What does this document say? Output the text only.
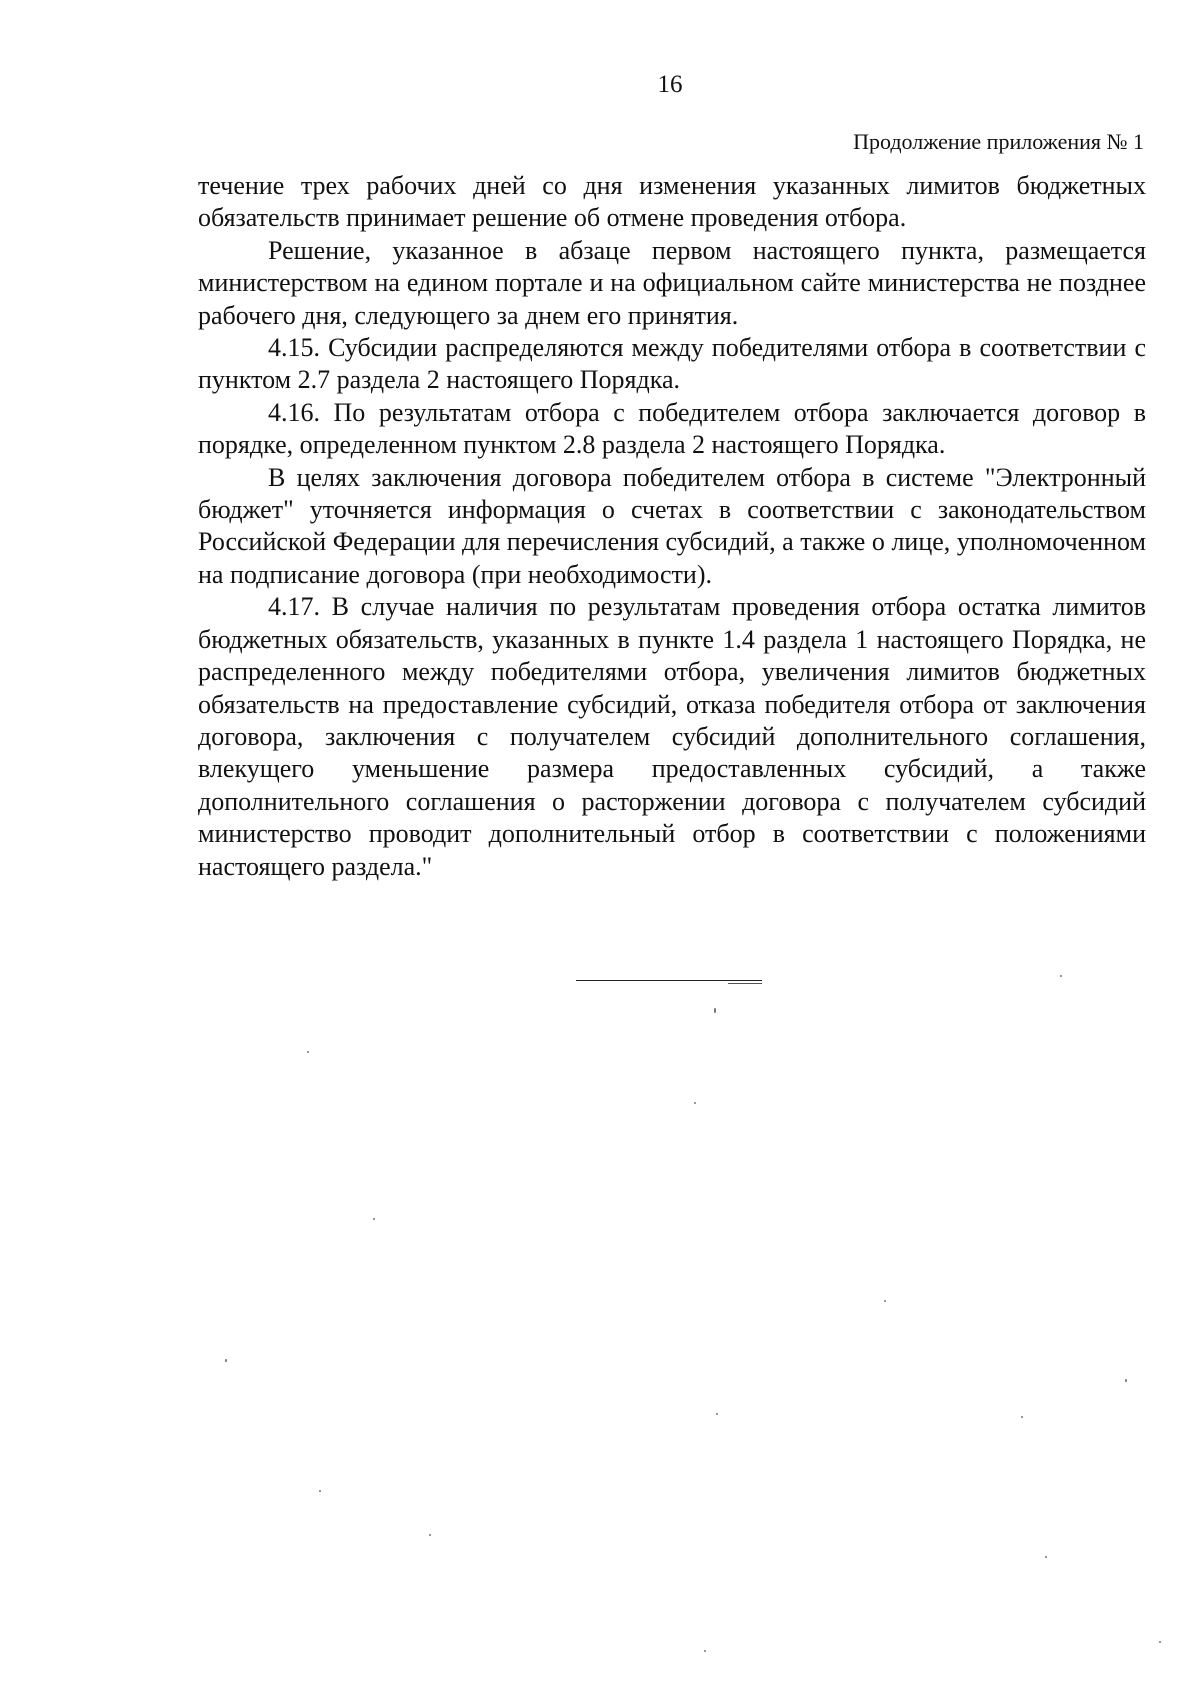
16
Продолжение приложения № 1

течение трех рабочих дней со дня изменения указанных лимитов бюджетных обязательств принимает решение об отмене проведения отбора.

Решение, указанное в абзаце первом настоящего пункта, размещается министерством на едином портале и на официальном сайте министерства не позднее рабочего дня, следующего за днем его принятия.

4.15. Субсидии распределяются между победителями отбора в соответствии с пунктом 2.7 раздела 2 настоящего Порядка.

4.16. По результатам отбора с победителем отбора заключается договор в порядке, определенном пунктом 2.8 раздела 2 настоящего Порядка.

В целях заключения договора победителем отбора в системе "Электронный бюджет" уточняется информация о счетах в соответствии с законодательством Российской Федерации для перечисления субсидий, а также о лице, уполномоченном на подписание договора (при необходимости).

4.17. В случае наличия по результатам проведения отбора остатка лимитов бюджетных обязательств, указанных в пункте 1.4 раздела 1 настоящего Порядка, не распределенного между победителями отбора, увеличения лимитов бюджетных обязательств на предоставление субсидий, отказа победителя отбора от заключения договора, заключения с получателем субсидий дополнительного соглашения, влекущего уменьшение размера предоставленных субсидий, а также дополнительного соглашения о расторжении договора с получателем субсидий министерство проводит дополнительный отбор в соответствии с положениями настоящего раздела."
